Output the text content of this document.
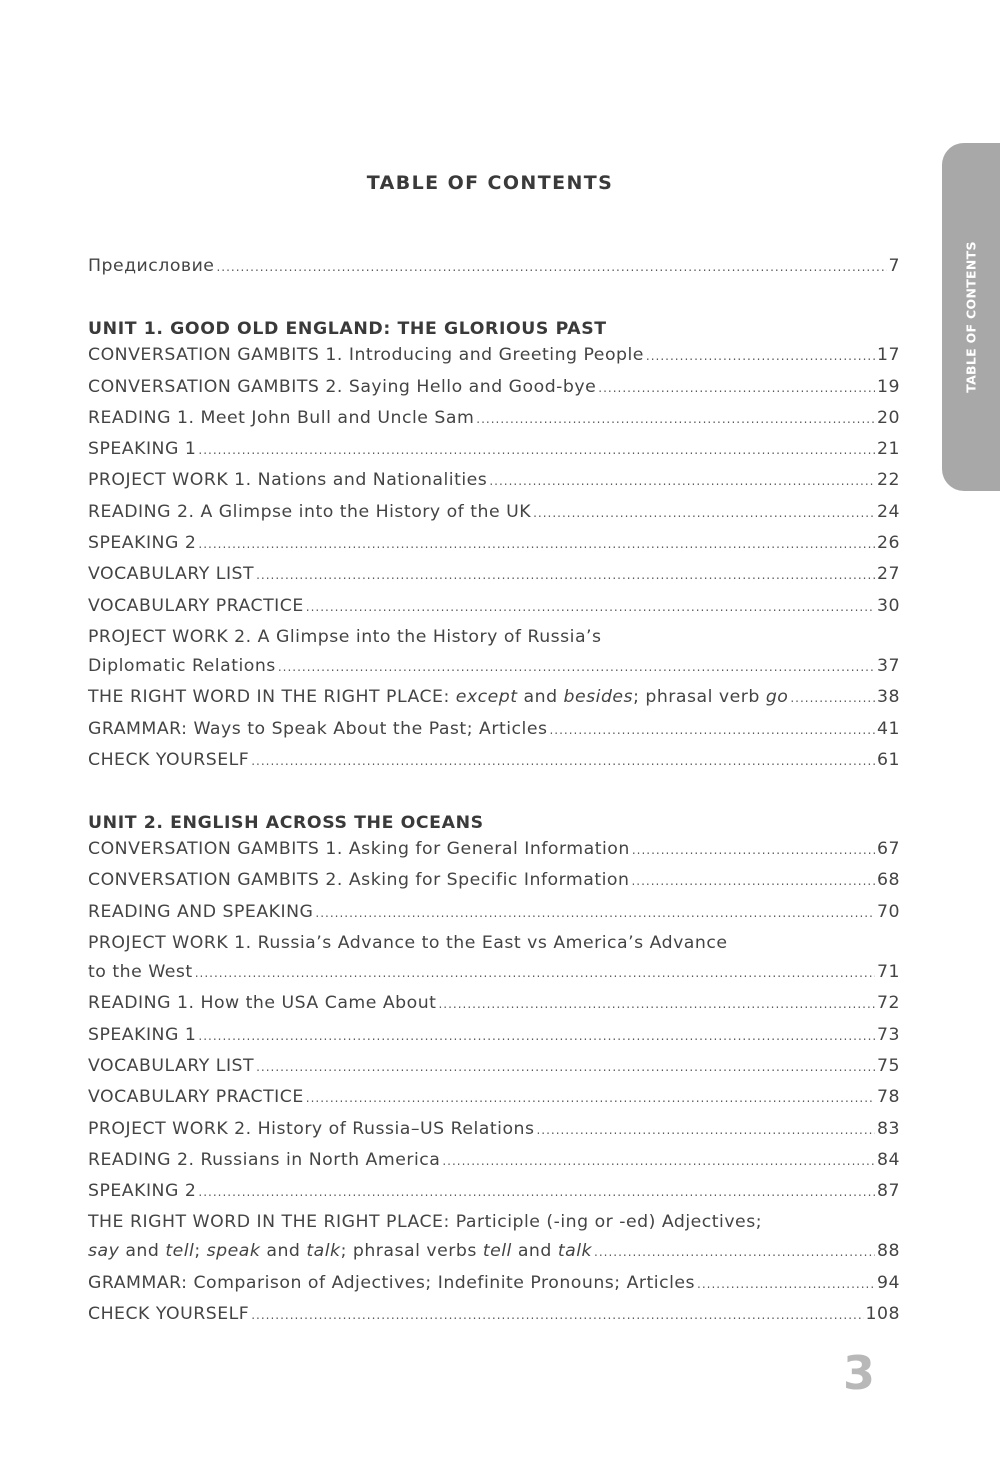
TABLE OF CONTENTS
TABLE OF CONTENTS
Предисловие .....	7
UNIT 1. GOOD OLD ENGLAND: THE GLORIOUS PAST
CONVERSATION GAMBITS 1. Introducing and Greeting People .....	17
CONVERSATION GAMBITS 2. Saying Hello and Good-bye .....	19
READING 1. Meet John Bull and Uncle Sam .....	20
SPEAKING 1 .....	21
PROJECT WORK 1. Nations and Nationalities .....	22
READING 2. A Glimpse into the History of the UK .....	24
SPEAKING 2 .....	26
VOCABULARY LIST .....	27
VOCABULARY PRACTICE .....	30
PROJECT WORK 2. A Glimpse into the History of Russia’s
Diplomatic Relations .....	37
THE RIGHT WORD IN THE RIGHT PLACE: except and besides; phrasal verb go .....	38
GRAMMAR: Ways to Speak About the Past; Articles .....	41
CHECK YOURSELF .....	61
UNIT 2. ENGLISH ACROSS THE OCEANS
CONVERSATION GAMBITS 1. Asking for General Information .....	67
CONVERSATION GAMBITS 2. Asking for Specific Information .....	68
READING AND SPEAKING .....	70
PROJECT WORK 1. Russia’s Advance to the East vs America’s Advance
to the West .....	71
READING 1. How the USA Came About .....	72
SPEAKING 1 .....	73
VOCABULARY LIST .....	75
VOCABULARY PRACTICE .....	78
PROJECT WORK 2. History of Russia–US Relations .....	83
READING 2. Russians in North America .....	84
SPEAKING 2 .....	87
THE RIGHT WORD IN THE RIGHT PLACE: Participle (-ing or -ed) Adjectives;
say and tell; speak and talk; phrasal verbs tell and talk .....	88
GRAMMAR: Comparison of Adjectives; Indefinite Pronouns; Articles .....	94
CHECK YOURSELF .....	108
3
